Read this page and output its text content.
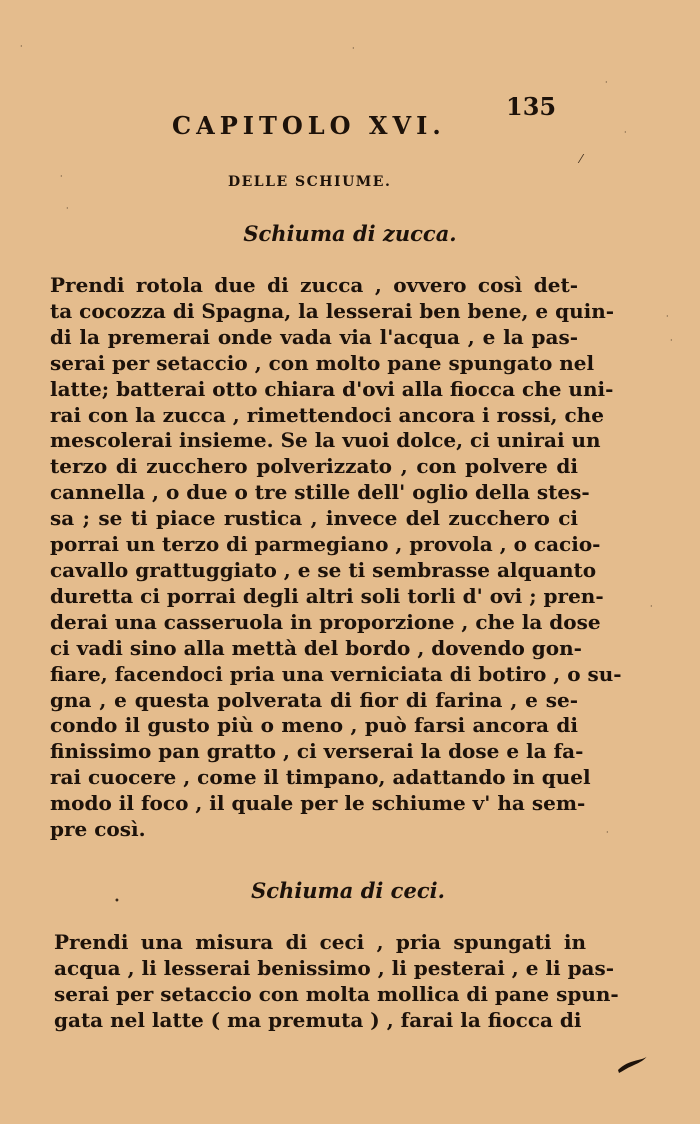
135
CAPITOLO XVI.
DELLE SCHIUME.
Schiuma di zucca.
Prendi rotola due di zucca , ovvero così det-
ta cocozza di Spagna, la lesserai ben bene, e quin-
di la premerai onde vada via l'acqua , e la pas-
serai per setaccio , con molto pane spungato nel
latte; batterai otto chiara d'ovi alla fiocca che uni-
rai con la zucca , rimettendoci ancora i rossi, che
mescolerai insieme. Se la vuoi dolce, ci unirai un
terzo di zucchero polverizzato , con polvere di
cannella , o due o tre stille dell' oglio della stes-
sa ; se ti piace rustica , invece del zucchero ci
porrai un terzo di parmegiano , provola , o cacio-
cavallo grattuggiato , e se ti sembrasse alquanto
duretta ci porrai degli altri soli torli d' ovi ; pren-
derai una casseruola in proporzione , che la dose
ci vadi sino alla mettà del bordo , dovendo gon-
fiare, facendoci pria una verniciata di botiro , o su-
gna , e questa polverata di fior di farina , e se-
condo il gusto più o meno , può farsi ancora di
finissimo pan gratto , ci verserai la dose e la fa-
rai cuocere , come il timpano, adattando in quel
modo il foco , il quale per le schiume v' ha sem-
pre così.
Schiuma di ceci.
Prendi una misura di ceci , pria spungati in
acqua , li lesserai benissimo , li pesterai , e li pas-
serai per setaccio con molta mollica di pane spun-
gata nel latte ( ma premuta ) , farai la fiocca di
·	·
·
·
⁄
·
·
·
·
·
·
•
